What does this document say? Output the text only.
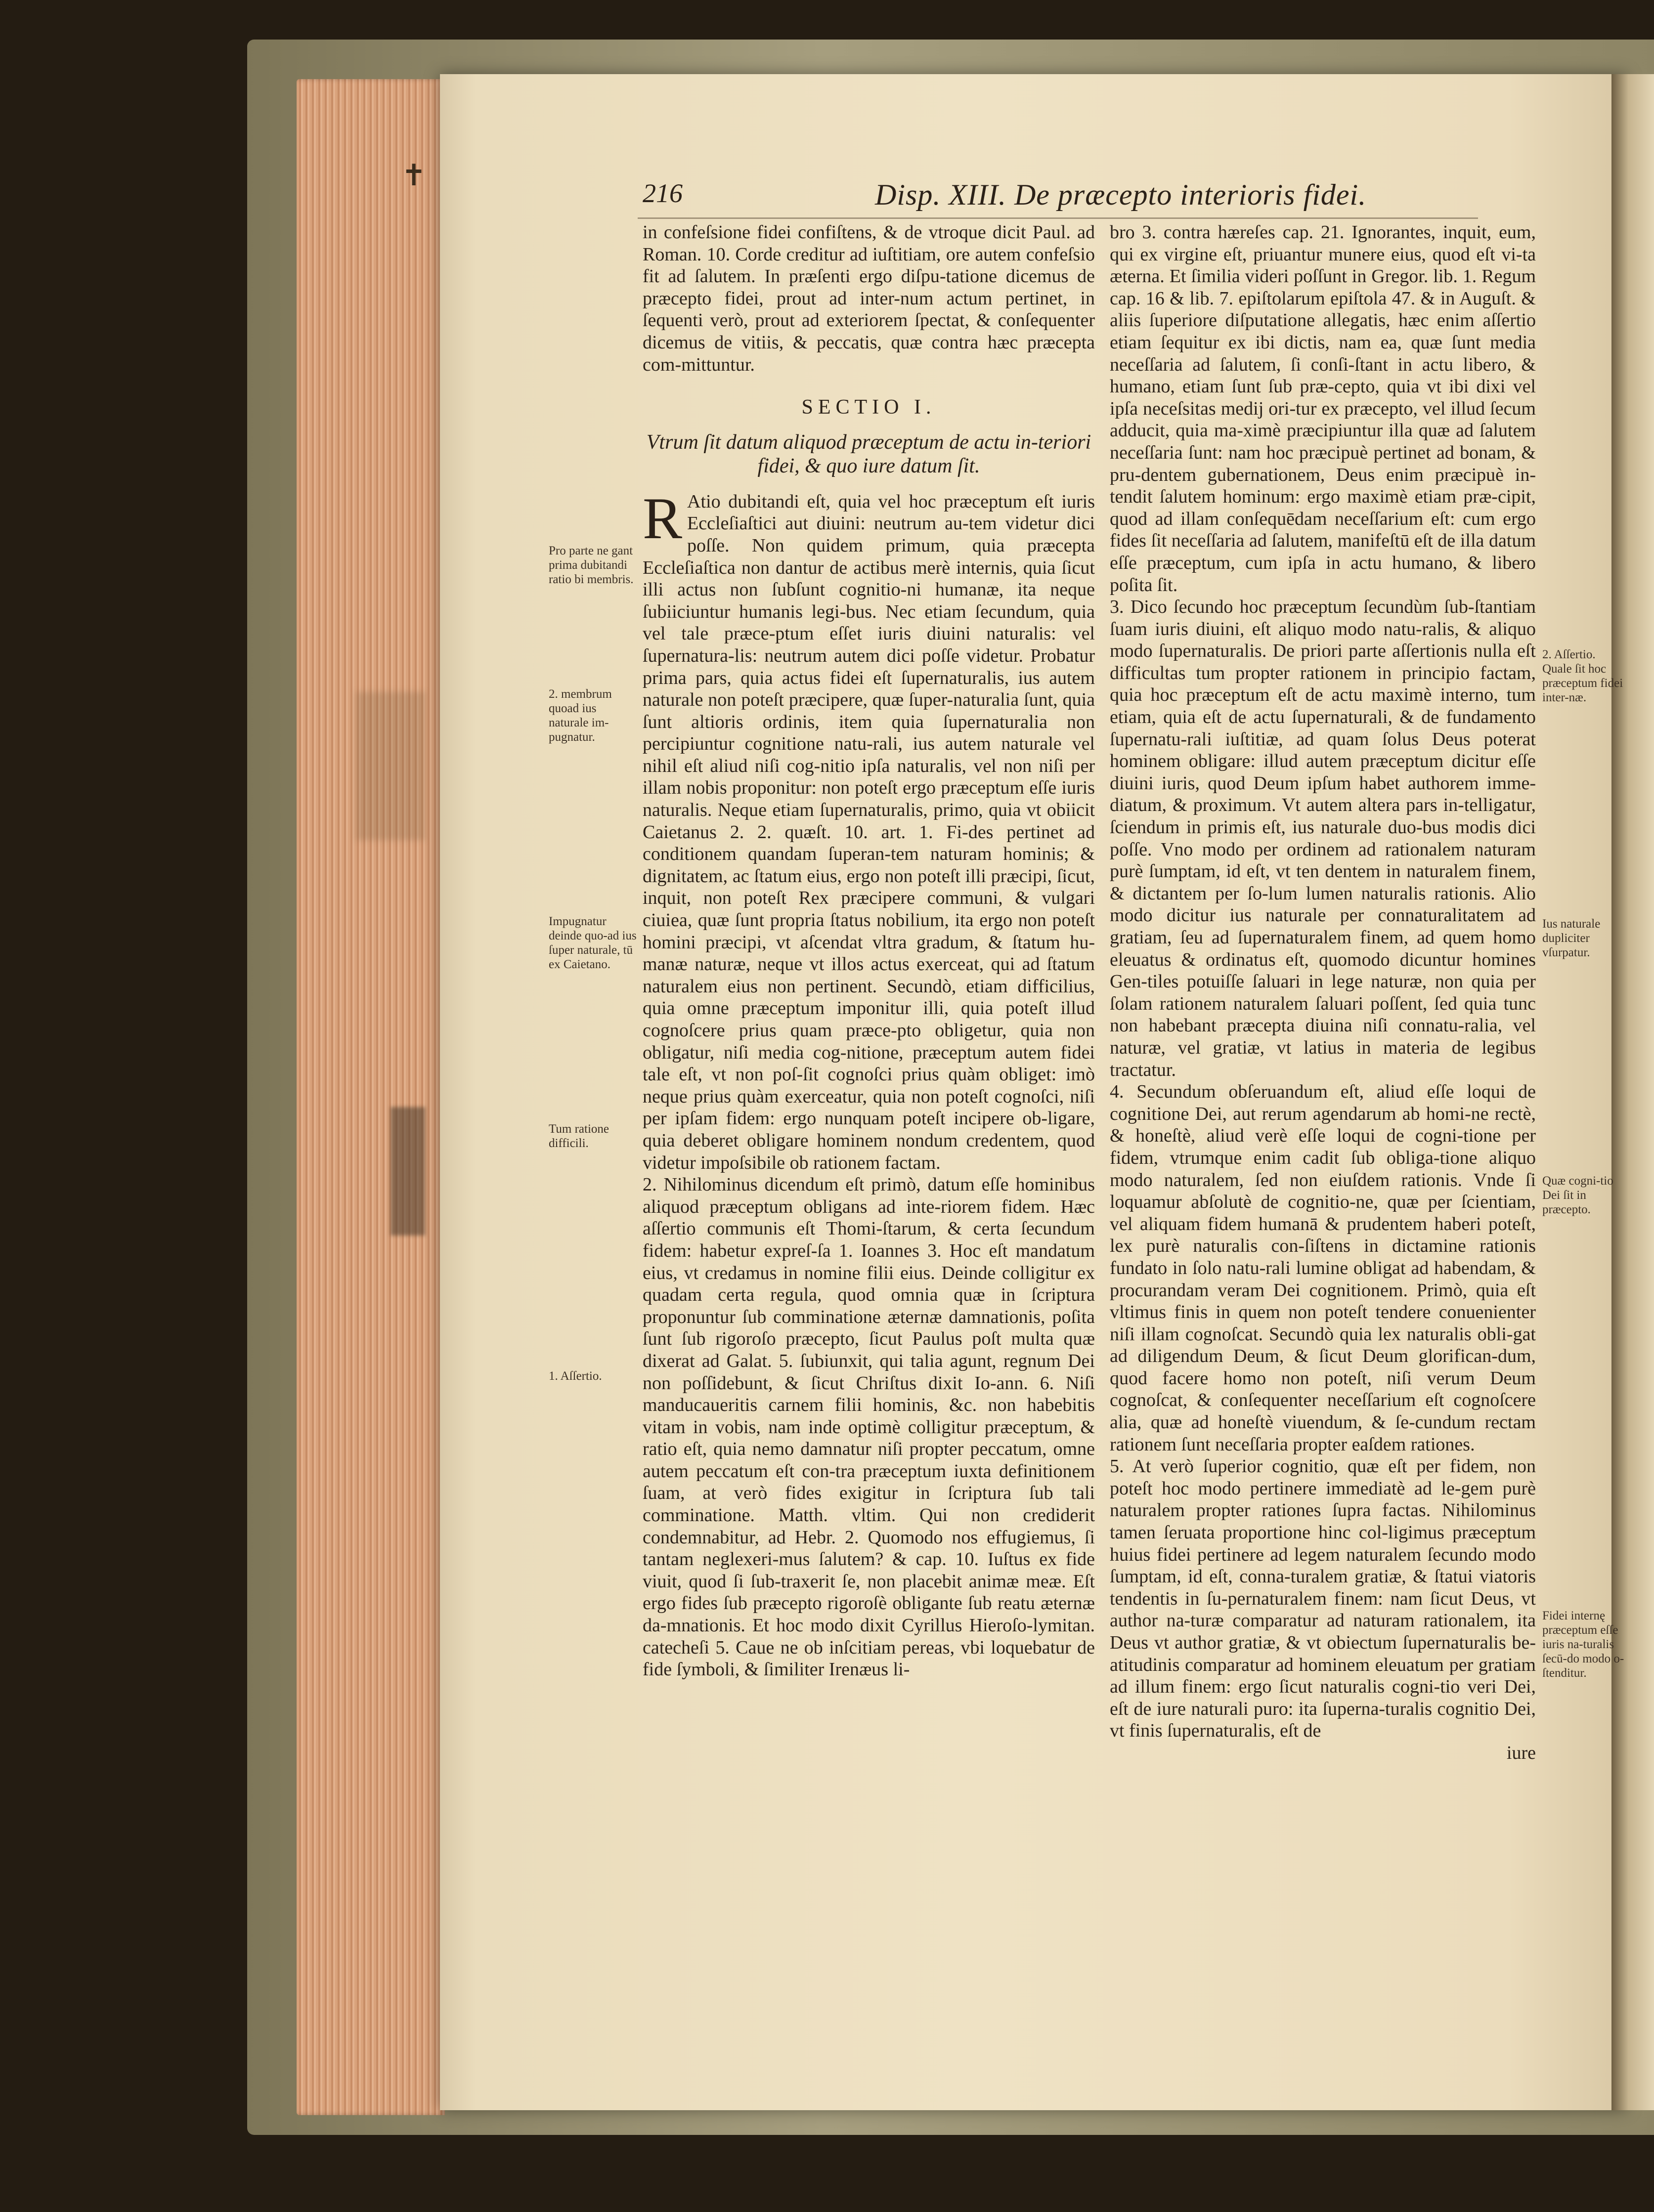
✝
216	Disp. XIII. De præcepto interioris fidei.

in confeſsione fidei confiſtens, & de vtroque dicit Paul. ad Roman. 10. Corde creditur ad iuſtitiam, ore autem confeſsio fit ad ſalutem. In præſenti ergo diſpu-tatione dicemus de præcepto fidei, prout ad inter-num actum pertinet, in ſequenti verò, prout ad exteriorem ſpectat, & conſequenter dicemus de vitiis, & peccatis, quæ contra hæc præcepta com-mittuntur.

SECTIO I.
Vtrum ſit datum aliquod præceptum de actu in-teriori fidei, & quo iure datum ſit.

R Atio dubitandi eſt, quia vel hoc præceptum eſt iuris Eccleſiaſtici aut diuini: neutrum au-tem videtur dici poſſe. Non quidem primum, quia præcepta Eccleſiaſtica non dantur de actibus merè internis, quia ſicut illi actus non ſubſunt cognitio-ni humanæ, ita neque ſubiiciuntur humanis legi-bus. Nec etiam ſecundum, quia vel tale præce-ptum eſſet iuris diuini naturalis: vel ſupernatura-lis: neutrum autem dici poſſe videtur. Probatur prima pars, quia actus fidei eſt ſupernaturalis, ius autem naturale non poteſt præcipere, quæ ſuper-naturalia ſunt, quia ſunt altioris ordinis, item quia ſupernaturalia non percipiuntur cognitione natu-rali, ius autem naturale vel nihil eſt aliud niſi cog-nitio ipſa naturalis, vel non niſi per illam nobis proponitur: non poteſt ergo præceptum eſſe iuris naturalis. Neque etiam ſupernaturalis, primo, quia vt obiicit Caietanus 2. 2. quæſt. 10. art. 1. Fi-des pertinet ad conditionem quandam ſuperan-tem naturam hominis; & dignitatem, ac ſtatum eius, ergo non poteſt illi præcipi, ſicut, inquit, non poteſt Rex præcipere communi, & vulgari ciuiea, quæ ſunt propria ſtatus nobilium, ita ergo non poteſt homini præcipi, vt aſcendat vltra gradum, & ſtatum hu-manæ naturæ, neque vt illos actus exerceat, qui ad ſtatum naturalem eius non pertinent. Secundò, etiam difficilius, quia omne præceptum imponitur illi, quia poteſt illud cognoſcere prius quam præce-pto obligetur, quia non obligatur, niſi media cog-nitione, præceptum autem fidei tale eſt, vt non poſ-ſit cognoſci prius quàm obliget: imò neque prius quàm exerceatur, quia non poteſt cognoſci, niſi per ipſam fidem: ergo nunquam poteſt incipere ob-ligare, quia deberet obligare hominem nondum credentem, quod videtur impoſsibile ob rationem factam.

2. Nihilominus dicendum eſt primò, datum eſſe hominibus aliquod præceptum obligans ad inte-riorem fidem. Hæc aſſertio communis eſt Thomi-ſtarum, & certa ſecundum fidem: habetur expreſ-ſa 1. Ioannes 3. Hoc eſt mandatum eius, vt credamus in nomine filii eius. Deinde colligitur ex quadam certa regula, quod omnia quæ in ſcriptura proponuntur ſub comminatione æternæ damnationis, poſita ſunt ſub rigoroſo præcepto, ſicut Paulus poſt multa quæ dixerat ad Galat. 5. ſubiunxit, qui talia agunt, regnum Dei non poſſidebunt, & ſicut Chriſtus dixit Io-ann. 6. Niſi manducaueritis carnem filii hominis, &c. non habebitis vitam in vobis, nam inde optimè colligitur præceptum, & ratio eſt, quia nemo damnatur niſi propter peccatum, omne autem peccatum eſt con-tra præceptum iuxta definitionem ſuam, at verò fides exigitur in ſcriptura ſub tali comminatione. Matth. vltim. Qui non crediderit condemnabitur, ad Hebr. 2. Quomodo nos effugiemus, ſi tantam neglexeri-mus ſalutem? & cap. 10. Iuſtus ex fide viuit, quod ſi ſub-traxerit ſe, non placebit animæ meæ. Eſt ergo fides ſub præcepto rigoroſè obligante ſub reatu æternæ da-mnationis. Et hoc modo dixit Cyrillus Hieroſo-lymitan. catecheſi 5. Caue ne ob inſcitiam pereas, vbi loquebatur de fide ſymboli, & ſimiliter Irenæus li-

bro 3. contra hæreſes cap. 21. Ignorantes, inquit, eum, qui ex virgine eſt, priuantur munere eius, quod eſt vi-ta æterna. Et ſimilia videri poſſunt in Gregor. lib. 1. Regum cap. 16 & lib. 7. epiſtolarum epiſtola 47. & in Auguſt. & aliis ſuperiore diſputatione allegatis, hæc enim aſſertio etiam ſequitur ex ibi dictis, nam ea, quæ ſunt media neceſſaria ad ſalutem, ſi conſi-ſtant in actu libero, & humano, etiam ſunt ſub præ-cepto, quia vt ibi dixi vel ipſa neceſsitas medij ori-tur ex præcepto, vel illud ſecum adducit, quia ma-ximè præcipiuntur illa quæ ad ſalutem neceſſaria ſunt: nam hoc præcipuè pertinet ad bonam, & pru-dentem gubernationem, Deus enim præcipuè in-tendit ſalutem hominum: ergo maximè etiam præ-cipit, quod ad illam conſequēdam neceſſarium eſt: cum ergo fides ſit neceſſaria ad ſalutem, manifeſtū eſt de illa datum eſſe præceptum, cum ipſa in actu humano, & libero poſita ſit.

3. Dico ſecundo hoc præceptum ſecundùm ſub-ſtantiam ſuam iuris diuini, eſt aliquo modo natu-ralis, & aliquo modo ſupernaturalis. De priori parte aſſertionis nulla eſt difficultas tum propter rationem in principio factam, quia hoc præceptum eſt de actu maximè interno, tum etiam, quia eſt de actu ſupernaturali, & de fundamento ſupernatu-rali iuſtitiæ, ad quam ſolus Deus poterat hominem obligare: illud autem præceptum dicitur eſſe diuini iuris, quod Deum ipſum habet authorem imme-diatum, & proximum. Vt autem altera pars in-telligatur, ſciendum in primis eſt, ius naturale duo-bus modis dici poſſe. Vno modo per ordinem ad rationalem naturam purè ſumptam, id eſt, vt ten dentem in naturalem finem, & dictantem per ſo-lum lumen naturalis rationis. Alio modo dicitur ius naturale per connaturalitatem ad gratiam, ſeu ad ſupernaturalem finem, ad quem homo eleuatus & ordinatus eſt, quomodo dicuntur homines Gen-tiles potuiſſe ſaluari in lege naturæ, non quia per ſolam rationem naturalem ſaluari poſſent, ſed quia tunc non habebant præcepta diuina niſi connatu-ralia, vel naturæ, vel gratiæ, vt latius in materia de legibus tractatur.

4. Secundum obſeruandum eſt, aliud eſſe loqui de cognitione Dei, aut rerum agendarum ab homi-ne rectè, & honeſtè, aliud verè eſſe loqui de cogni-tione per fidem, vtrumque enim cadit ſub obliga-tione aliquo modo naturalem, ſed non eiuſdem rationis. Vnde ſi loquamur abſolutè de cognitio-ne, quæ per ſcientiam, vel aliquam fidem humanā & prudentem haberi poteſt, lex purè naturalis con-ſiſtens in dictamine rationis fundato in ſolo natu-rali lumine obligat ad habendam, & procurandam veram Dei cognitionem. Primò, quia eſt vltimus finis in quem non poteſt tendere conuenienter niſi illam cognoſcat. Secundò quia lex naturalis obli-gat ad diligendum Deum, & ſicut Deum glorifican-dum, quod facere homo non poteſt, niſi verum Deum cognoſcat, & conſequenter neceſſarium eſt cognoſcere alia, quæ ad honeſtè viuendum, & ſe-cundum rectam rationem ſunt neceſſaria propter eaſdem rationes.

5. At verò ſuperior cognitio, quæ eſt per fidem, non poteſt hoc modo pertinere immediatè ad le-gem purè naturalem propter rationes ſupra factas. Nihilominus tamen ſeruata proportione hinc col-ligimus præceptum huius fidei pertinere ad legem naturalem ſecundo modo ſumptam, id eſt, conna-turalem gratiæ, & ſtatui viatoris tendentis in ſu-pernaturalem finem: nam ſicut Deus, vt author na-turæ comparatur ad naturam rationalem, ita Deus vt author gratiæ, & vt obiectum ſupernaturalis be-atitudinis comparatur ad hominem eleuatum per gratiam ad illum finem: ergo ſicut naturalis cogni-tio veri Dei, eſt de iure naturali puro: ita ſuperna-turalis cognitio Dei, vt finis ſupernaturalis, eſt de

iure

Pro parte ne gant prima dubitandi ratio bi membris.
2. membrum quoad ius naturale im-pugnatur.
Impugnatur deinde quo-ad ius ſuper naturale, tū ex Caietano.
Tum ratione difficili.
1. Aſſertio.
2. Aſſertio. Quale ſit hoc præceptum fidei inter-næ.
Ius naturale dupliciter vſurpatur.
Quæ cogni-tio Dei ſit in præcepto.
Fidei internę præceptum eſſe iuris na-turalis ſecū-do modo o-ſtenditur.
